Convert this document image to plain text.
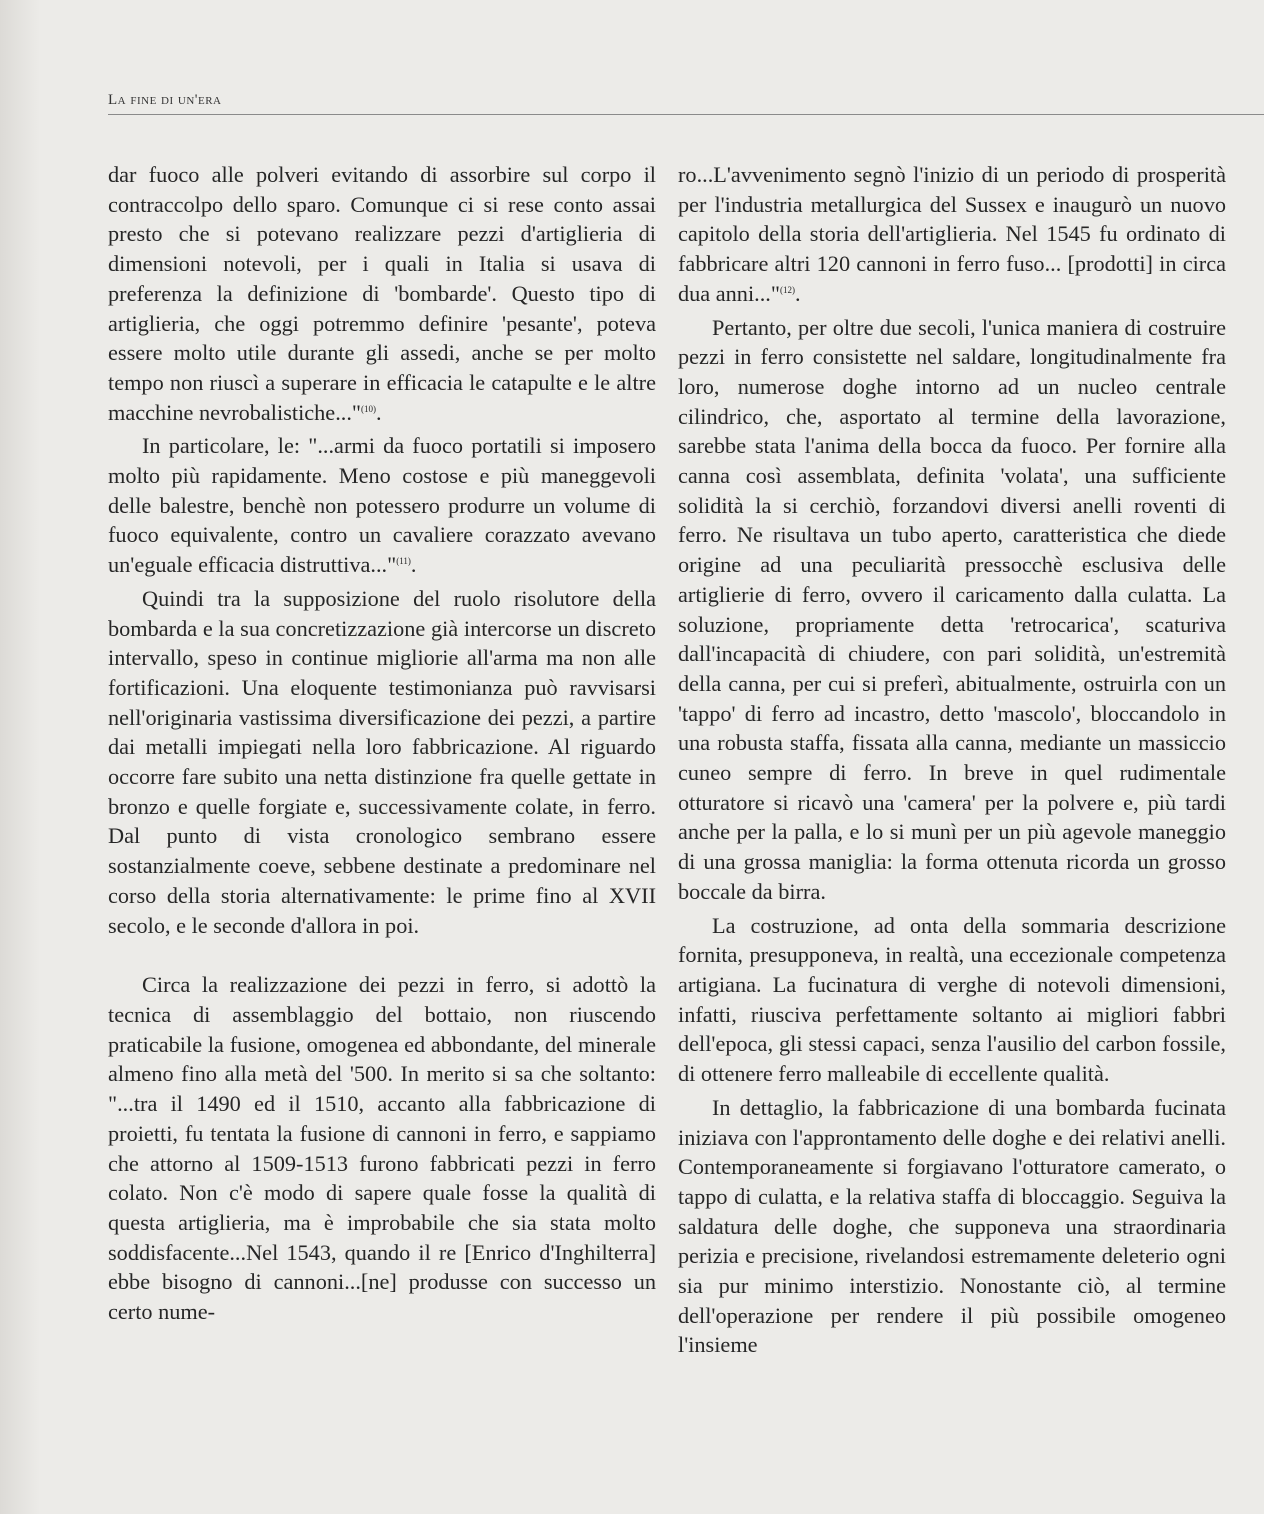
La fine di un'era

dar fuoco alle polveri evitando di assorbire sul corpo il contraccolpo dello sparo. Comunque ci si rese conto assai presto che si potevano realizzare pezzi d'artiglieria di dimensioni notevoli, per i quali in Italia si usava di preferenza la definizione di 'bombarde'. Questo tipo di artiglieria, che oggi potremmo definire 'pesante', poteva essere molto utile durante gli assedi, anche se per molto tempo non riuscì a superare in efficacia le catapulte e le altre macchine nevrobalistiche..."$^{(10)}$.

In particolare, le: "...armi da fuoco portatili si imposero molto più rapidamente. Meno costose e più maneggevoli delle balestre, benchè non potessero produrre un volume di fuoco equivalente, contro un cavaliere corazzato avevano un'eguale efficacia distruttiva..."$^{(11)}$.

Quindi tra la supposizione del ruolo risolutore della bombarda e la sua concretizzazione già intercorse un discreto intervallo, speso in continue migliorie all'arma ma non alle fortificazioni. Una eloquente testimonianza può ravvisarsi nell'originaria vastissima diversificazione dei pezzi, a partire dai metalli impiegati nella loro fabbricazione. Al riguardo occorre fare subito una netta distinzione fra quelle gettate in bronzo e quelle forgiate e, successivamente colate, in ferro. Dal punto di vista cronologico sembrano essere sostanzialmente coeve, sebbene destinate a predominare nel corso della storia alternativamente: le prime fino al XVII secolo, e le seconde d'allora in poi.

Circa la realizzazione dei pezzi in ferro, si adottò la tecnica di assemblaggio del bottaio, non riuscendo praticabile la fusione, omogenea ed abbondante, del minerale almeno fino alla metà del '500. In merito si sa che soltanto: "...tra il 1490 ed il 1510, accanto alla fabbricazione di proietti, fu tentata la fusione di cannoni in ferro, e sappiamo che attorno al 1509-1513 furono fabbricati pezzi in ferro colato. Non c'è modo di sapere quale fosse la qualità di questa artiglieria, ma è improbabile che sia stata molto soddisfacente...Nel 1543, quando il re [Enrico d'Inghilterra] ebbe bisogno di cannoni...[ne] produsse con successo un certo nume-

ro...L'avvenimento segnò l'inizio di un periodo di prosperità per l'industria metallurgica del Sussex e inaugurò un nuovo capitolo della storia dell'artiglieria. Nel 1545 fu ordinato di fabbricare altri 120 cannoni in ferro fuso... [prodotti] in circa dua anni..."$^{(12)}$.

Pertanto, per oltre due secoli, l'unica maniera di costruire pezzi in ferro consistette nel saldare, longitudinalmente fra loro, numerose doghe intorno ad un nucleo centrale cilindrico, che, asportato al termine della lavorazione, sarebbe stata l'anima della bocca da fuoco. Per fornire alla canna così assemblata, definita 'volata', una sufficiente solidità la si cerchiò, forzandovi diversi anelli roventi di ferro. Ne risultava un tubo aperto, caratteristica che diede origine ad una peculiarità pressocchè esclusiva delle artiglierie di ferro, ovvero il caricamento dalla culatta. La soluzione, propriamente detta 'retrocarica', scaturiva dall'incapacità di chiudere, con pari solidità, un'estremità della canna, per cui si preferì, abitualmente, ostruirla con un 'tappo' di ferro ad incastro, detto 'mascolo', bloccandolo in una robusta staffa, fissata alla canna, mediante un massiccio cuneo sempre di ferro. In breve in quel rudimentale otturatore si ricavò una 'camera' per la polvere e, più tardi anche per la palla, e lo si munì per un più agevole maneggio di una grossa maniglia: la forma ottenuta ricorda un grosso boccale da birra.

La costruzione, ad onta della sommaria descrizione fornita, presupponeva, in realtà, una eccezionale competenza artigiana. La fucinatura di verghe di notevoli dimensioni, infatti, riusciva perfettamente soltanto ai migliori fabbri dell'epoca, gli stessi capaci, senza l'ausilio del carbon fossile, di ottenere ferro malleabile di eccellente qualità.

In dettaglio, la fabbricazione di una bombarda fucinata iniziava con l'approntamento delle doghe e dei relativi anelli. Contemporaneamente si forgiavano l'otturatore camerato, o tappo di culatta, e la relativa staffa di bloccaggio. Seguiva la saldatura delle doghe, che supponeva una straordinaria perizia e precisione, rivelandosi estremamente deleterio ogni sia pur minimo interstizio. Nonostante ciò, al termine dell'operazione per rendere il più possibile omogeneo l'insieme
